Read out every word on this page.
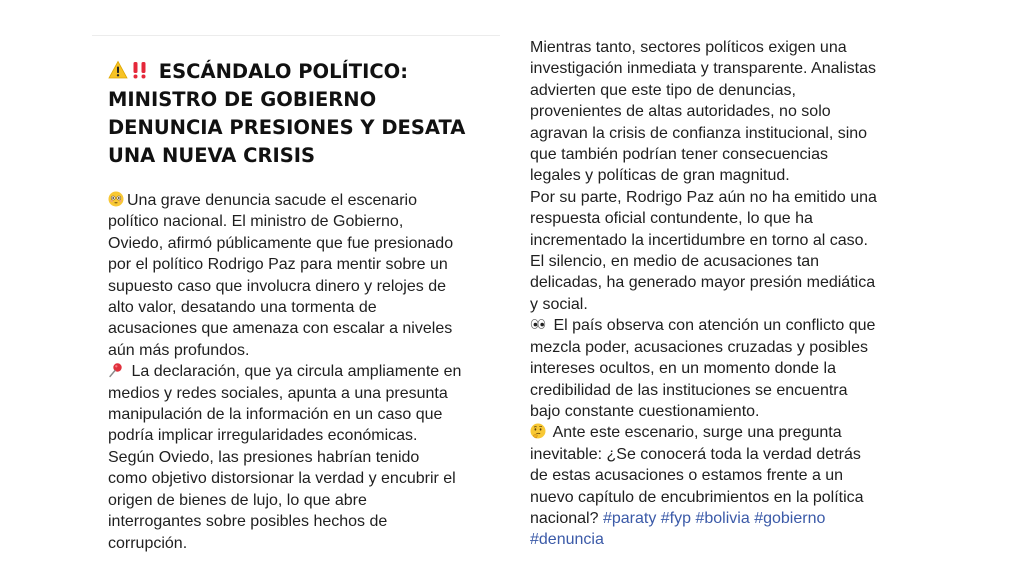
ESCÁNDALO POLÍTICO:
MINISTRO DE GOBIERNO
DENUNCIA PRESIONES Y DESATA
UNA NUEVA CRISIS

Una grave denuncia sacude el escenario
político nacional. El ministro de Gobierno,
Oviedo, afirmó públicamente que fue presionado
por el político Rodrigo Paz para mentir sobre un
supuesto caso que involucra dinero y relojes de
alto valor, desatando una tormenta de
acusaciones que amenaza con escalar a niveles
aún más profundos.

La declaración, que ya circula ampliamente en
medios y redes sociales, apunta a una presunta
manipulación de la información en un caso que
podría implicar irregularidades económicas.
Según Oviedo, las presiones habrían tenido
como objetivo distorsionar la verdad y encubrir el
origen de bienes de lujo, lo que abre
interrogantes sobre posibles hechos de
corrupción.

Mientras tanto, sectores políticos exigen una
investigación inmediata y transparente. Analistas
advierten que este tipo de denuncias,
provenientes de altas autoridades, no solo
agravan la crisis de confianza institucional, sino
que también podrían tener consecuencias
legales y políticas de gran magnitud.

Por su parte, Rodrigo Paz aún no ha emitido una
respuesta oficial contundente, lo que ha
incrementado la incertidumbre en torno al caso.

El silencio, en medio de acusaciones tan
delicadas, ha generado mayor presión mediática
y social.

El país observa con atención un conflicto que
mezcla poder, acusaciones cruzadas y posibles
intereses ocultos, en un momento donde la
credibilidad de las instituciones se encuentra
bajo constante cuestionamiento.

Ante este escenario, surge una pregunta
inevitable: ¿Se conocerá toda la verdad detrás
de estas acusaciones o estamos frente a un
nuevo capítulo de encubrimientos en la política
nacional? #paraty #fyp #bolivia #gobierno
#denuncia
